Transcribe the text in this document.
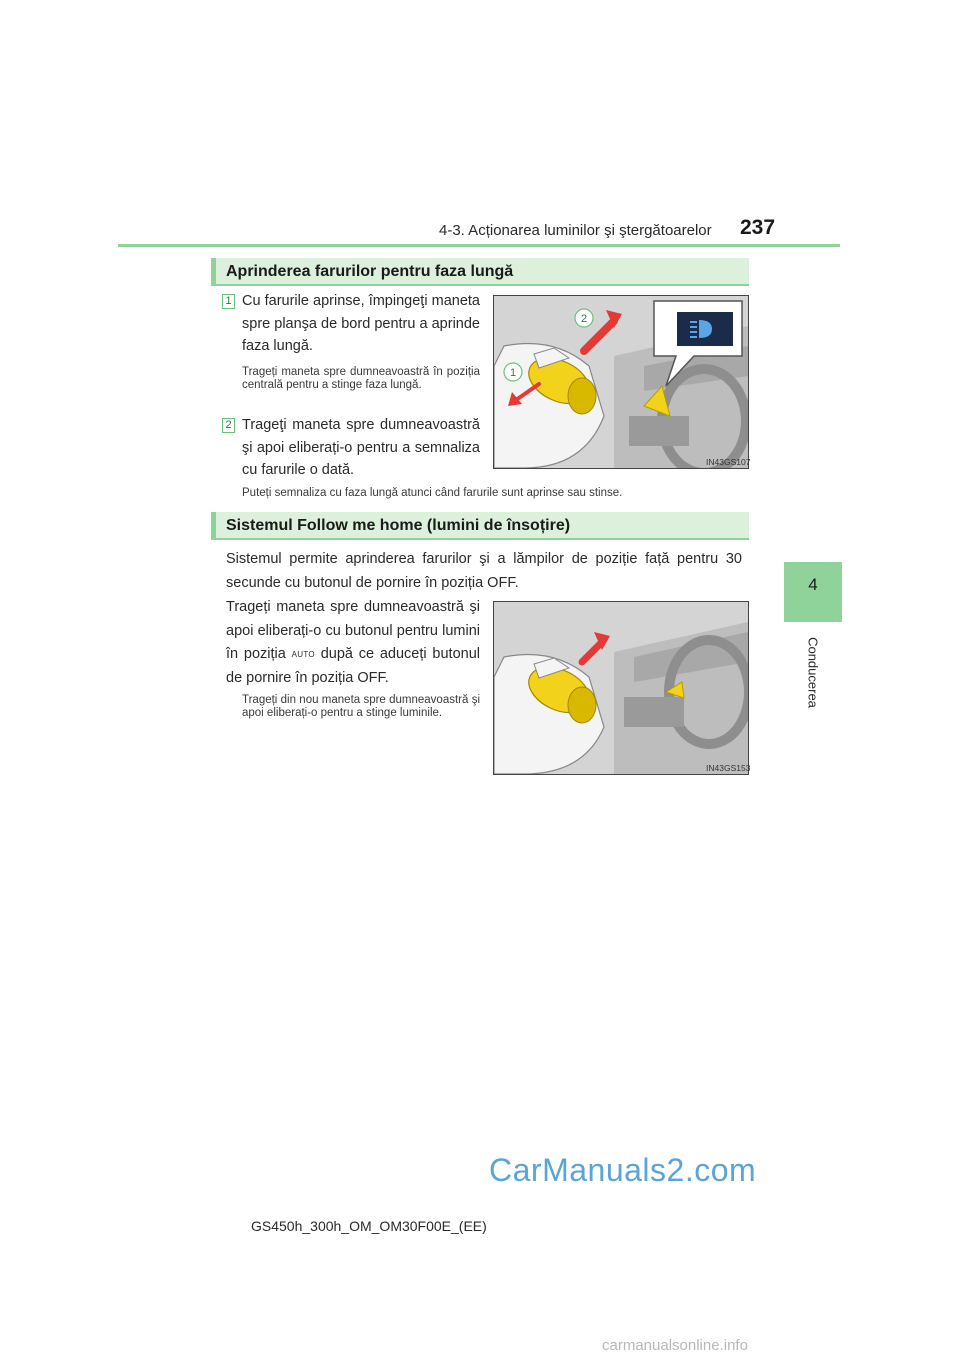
4-3. Acționarea luminilor şi ştergătoarelor 237
4
Conducerea
Aprinderea farurilor pentru faza lungă
1 Cu farurile aprinse, împingeţi maneta spre planşa de bord pentru a aprinde faza lungă.
Trageți maneta spre dumneavoastră în poziția centrală pentru a stinge faza lungă.
2 Trageţi maneta spre dumneavoastră şi apoi eliberați-o pentru a semnaliza cu farurile o dată.
Puteți semnaliza cu faza lungă atunci când farurile sunt aprinse sau stinse.
2
1
IN43GS107
Sistemul Follow me home (lumini de însoțire)
Sistemul permite aprinderea farurilor şi a lămpilor de poziție față pentru 30 secunde cu butonul de pornire în poziția OFF.
Trageți maneta spre dumneavoastră şi apoi eliberați-o cu butonul pentru lumini în poziția AUTO după ce aduceți butonul de pornire în poziția OFF.
Trageți din nou maneta spre dumneavoastră şi apoi eliberați-o pentru a stinge luminile.
IN43GS153
GS450h_300h_OM_OM30F00E_(EE)
CarManuals2.com
carmanualsonline.info
